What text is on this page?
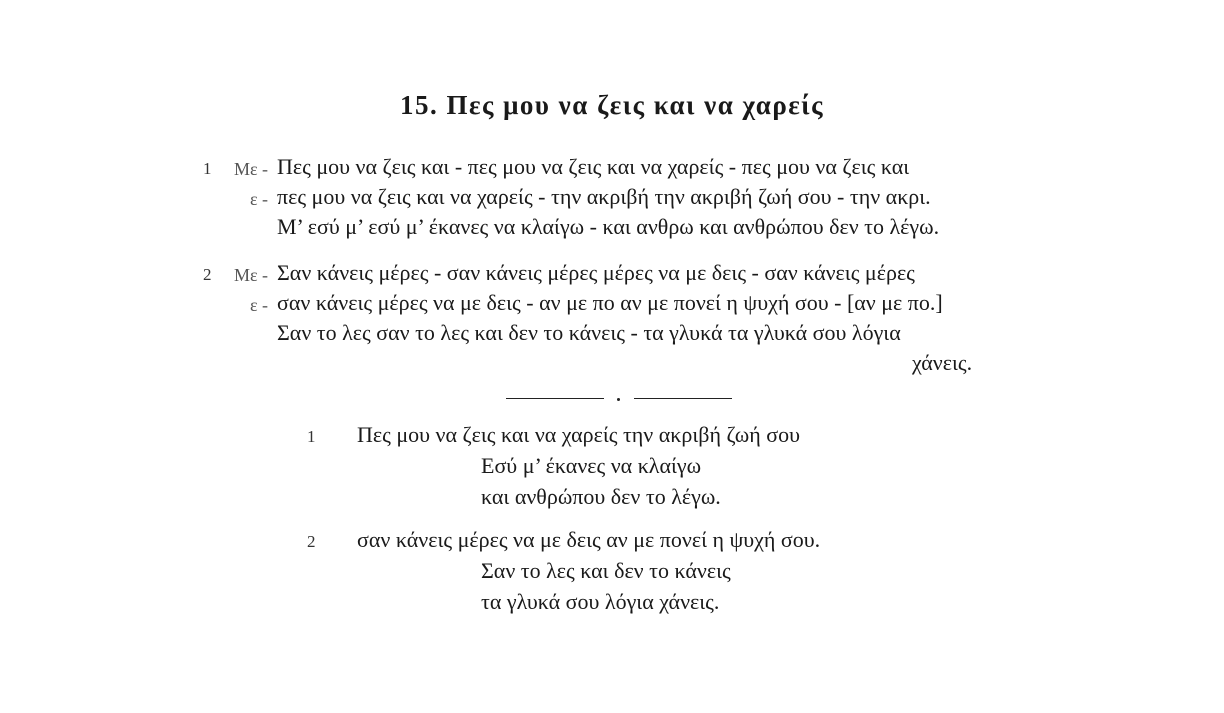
15. Πες μου να ζεις και να χαρείς
1	Με - Πες μου να ζεις και - πες μου να ζεις και να χαρείς - πες μου να ζεις και
ε - πες μου να ζεις και να χαρείς - την ακριβή την ακριβή ζωή σου - την ακρι.
Μ’ εσύ μ’ εσύ μ’ έκανες να κλαίγω - και ανθρω και ανθρώπου δεν το λέγω.
2	Με - Σαν κάνεις μέρες - σαν κάνεις μέρες μέρες να με δεις - σαν κάνεις μέρες
ε - σαν κάνεις μέρες να με δεις - αν με πο αν με πονεί η ψυχή σου - [αν με πο.]
Σαν το λες σαν το λες και δεν το κάνεις - τα γλυκά τα γλυκά σου λόγια
χάνεις.
1 Πες μου να ζεις και να χαρείς την ακριβή ζωή σου
Εσύ μ’ έκανες να κλαίγω
και ανθρώπου δεν το λέγω.
2 σαν κάνεις μέρες να με δεις αν με πονεί η ψυχή σου.
Σαν το λες και δεν το κάνεις
τα γλυκά σου λόγια χάνεις.
